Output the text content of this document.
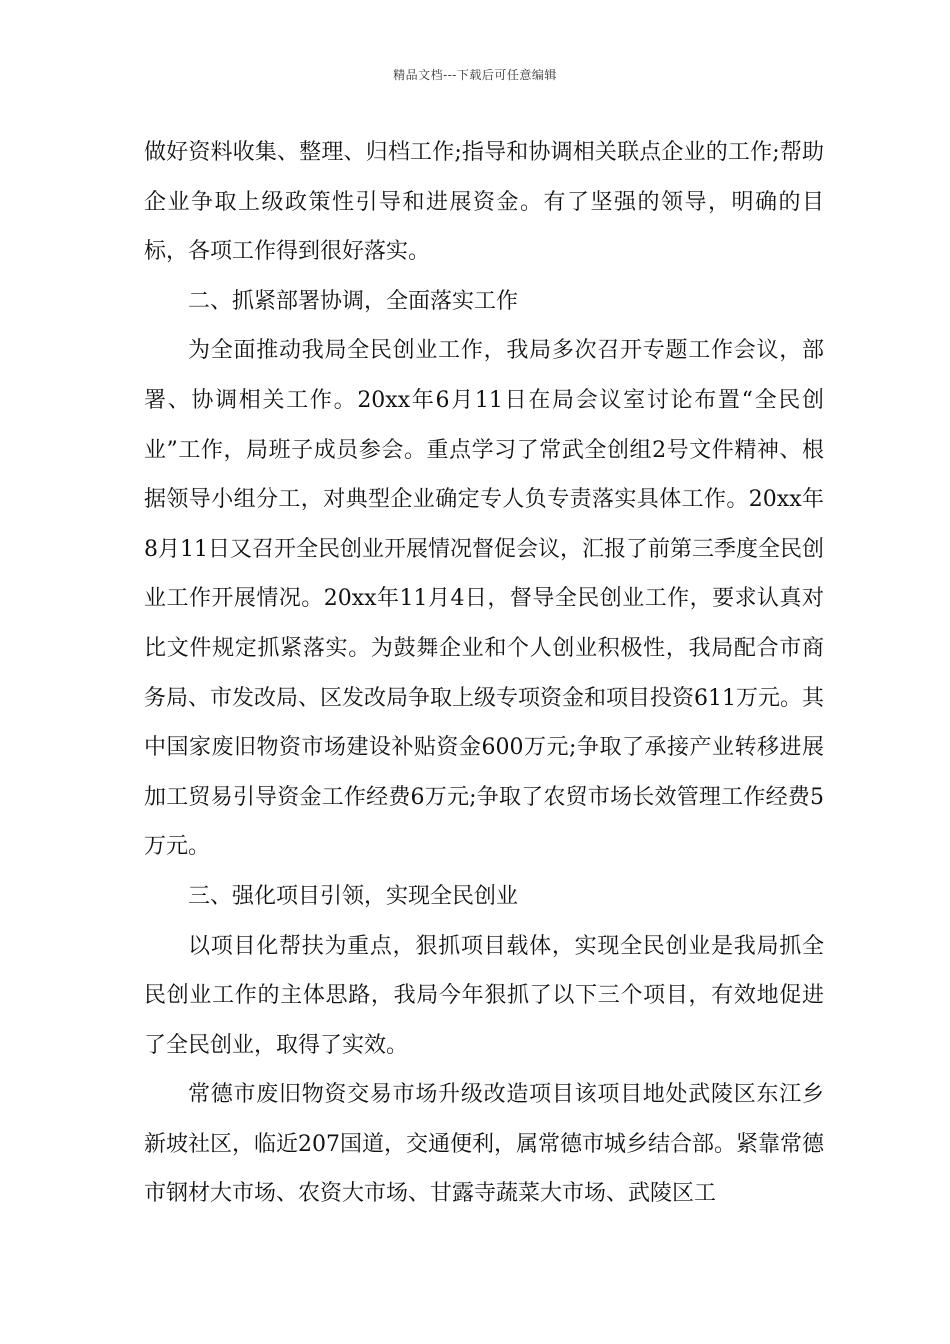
精品文档---下载后可任意编辑

做好资料收集、整理、归档工作;指导和协调相关联点企业的工作;帮助企业争取上级政策性引导和进展资金。有了坚强的领导，明确的目标，各项工作得到很好落实。

二、抓紧部署协调，全面落实工作

为全面推动我局全民创业工作，我局多次召开专题工作会议，部署、协调相关工作。20xx年6月11日在局会议室讨论布置“全民创业”工作，局班子成员参会。重点学习了常武全创组2号文件精神、根据领导小组分工，对典型企业确定专人负专责落实具体工作。20xx年8月11日又召开全民创业开展情况督促会议，汇报了前第三季度全民创业工作开展情况。20xx年11月4日，督导全民创业工作，要求认真对比文件规定抓紧落实。为鼓舞企业和个人创业积极性，我局配合市商务局、市发改局、区发改局争取上级专项资金和项目投资611万元。其中国家废旧物资市场建设补贴资金600万元;争取了承接产业转移进展加工贸易引导资金工作经费6万元;争取了农贸市场长效管理工作经费5万元。

三、强化项目引领，实现全民创业

以项目化帮扶为重点，狠抓项目载体，实现全民创业是我局抓全民创业工作的主体思路，我局今年狠抓了以下三个项目，有效地促进了全民创业，取得了实效。

常德市废旧物资交易市场升级改造项目该项目地处武陵区东江乡新坡社区，临近207国道，交通便利，属常德市城乡结合部。紧靠常德市钢材大市场、农资大市场、甘露寺蔬菜大市场、武陵区工
